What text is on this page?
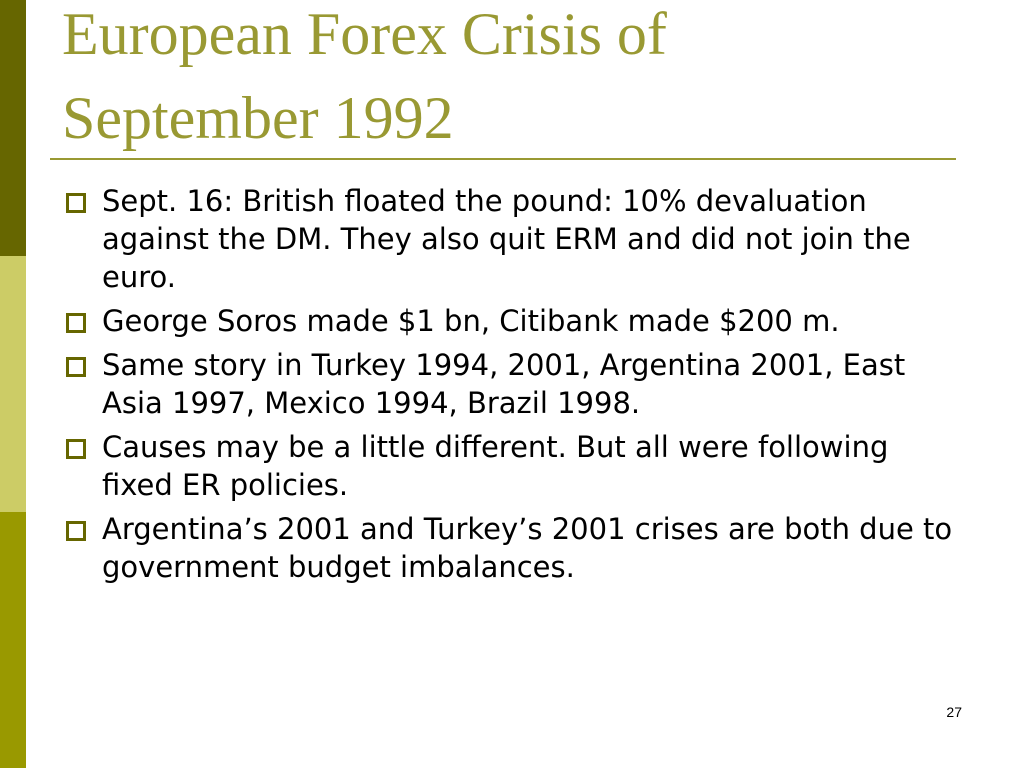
European Forex Crisis of
September 1992
Sept. 16: British floated the pound: 10% devaluation against the DM. They also quit ERM and did not join the euro.
George Soros made $1 bn, Citibank made $200 m.
Same story in Turkey 1994, 2001, Argentina 2001, East Asia 1997, Mexico 1994, Brazil 1998.
Causes may be a little different. But all were following fixed ER policies.
Argentina’s 2001 and Turkey’s 2001 crises are both due to government budget imbalances.
27
